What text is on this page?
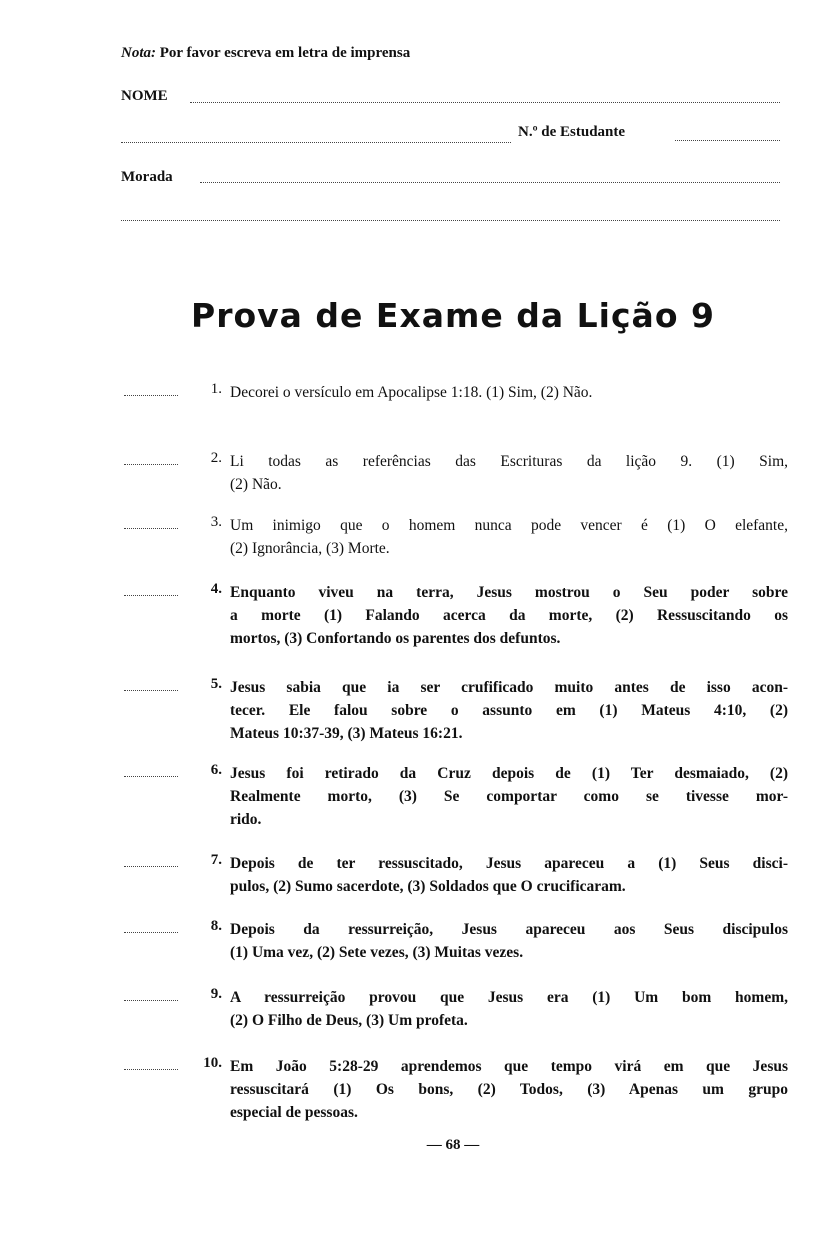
Nota: Por favor escreva em letra de imprensa
NOME
N.º de Estudante
Morada
Prova de Exame da Lição 9
1. Decorei o versículo em Apocalipse 1:18. (1) Sim, (2) Não.
2. Li todas as referências das Escrituras da lição 9. (1) Sim,
(2) Não.
3. Um inimigo que o homem nunca pode vencer é (1) O elefante,
(2) Ignorância, (3) Morte.
4. Enquanto viveu na terra, Jesus mostrou o Seu poder sobre
a morte (1) Falando acerca da morte, (2) Ressuscitando os
mortos, (3) Confortando os parentes dos defuntos.
5. Jesus sabia que ia ser crufificado muito antes de isso acon-
tecer. Ele falou sobre o assunto em (1) Mateus 4:10, (2)
Mateus 10:37-39, (3) Mateus 16:21.
6. Jesus foi retirado da Cruz depois de (1) Ter desmaiado, (2)
Realmente morto, (3) Se comportar como se tivesse mor-
rido.
7. Depois de ter ressuscitado, Jesus apareceu a (1) Seus disci-
pulos, (2) Sumo sacerdote, (3) Soldados que O crucificaram.
8. Depois da ressurreição, Jesus apareceu aos Seus discipulos
(1) Uma vez, (2) Sete vezes, (3) Muitas vezes.
9. A ressurreição provou que Jesus era (1) Um bom homem,
(2) O Filho de Deus, (3) Um profeta.
10. Em João 5:28-29 aprendemos que tempo virá em que Jesus
ressuscitará (1) Os bons, (2) Todos, (3) Apenas um grupo
especial de pessoas.
— 68 —
